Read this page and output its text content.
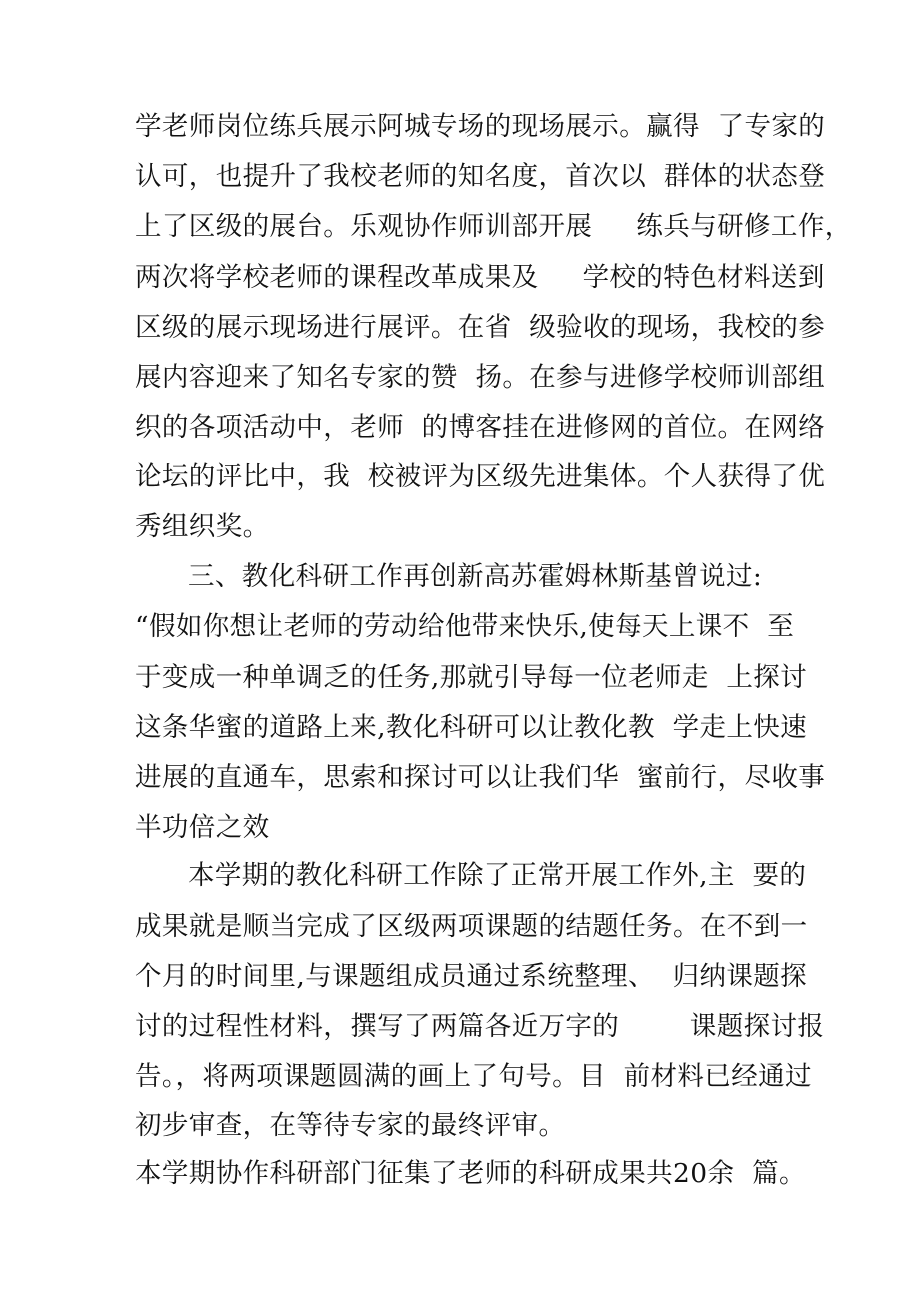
学老师岗位练兵展示阿城专场的现场展示。赢得  了专家的
认可，也提升了我校老师的知名度，首次以  群体的状态登
上了区级的展台。乐观协作师训部开展     练兵与研修工作，
两次将学校老师的课程改革成果及     学校的特色材料送到
区级的展示现场进行展评。在省  级验收的现场，我校的参
展内容迎来了知名专家的赞  扬。在参与进修学校师训部组
织的各项活动中，老师  的博客挂在进修网的首位。在网络
论坛的评比中，我  校被评为区级先进集体。个人获得了优
秀组织奖。
三、教化科研工作再创新高苏霍姆林斯基曾说过:
“假如你想让老师的劳动给他带来快乐,使每天上课不  至
于变成一种单调乏的任务,那就引导每一位老师走  上探讨
这条华蜜的道路上来,教化科研可以让教化教  学走上快速
进展的直通车，思索和探讨可以让我们华  蜜前行，尽收事
半功倍之效
本学期的教化科研工作除了正常开展工作外,主  要的
成果就是顺当完成了区级两项课题的结题任务。在不到一
个月的时间里,与课题组成员通过系统整理、  归纳课题探
讨的过程性材料，撰写了两篇各近万字的        课题探讨报
告。，将两项课题圆满的画上了句号。目  前材料已经通过
初步审查，在等待专家的最终评审。
本学期协作科研部门征集了老师的科研成果共20余  篇。
